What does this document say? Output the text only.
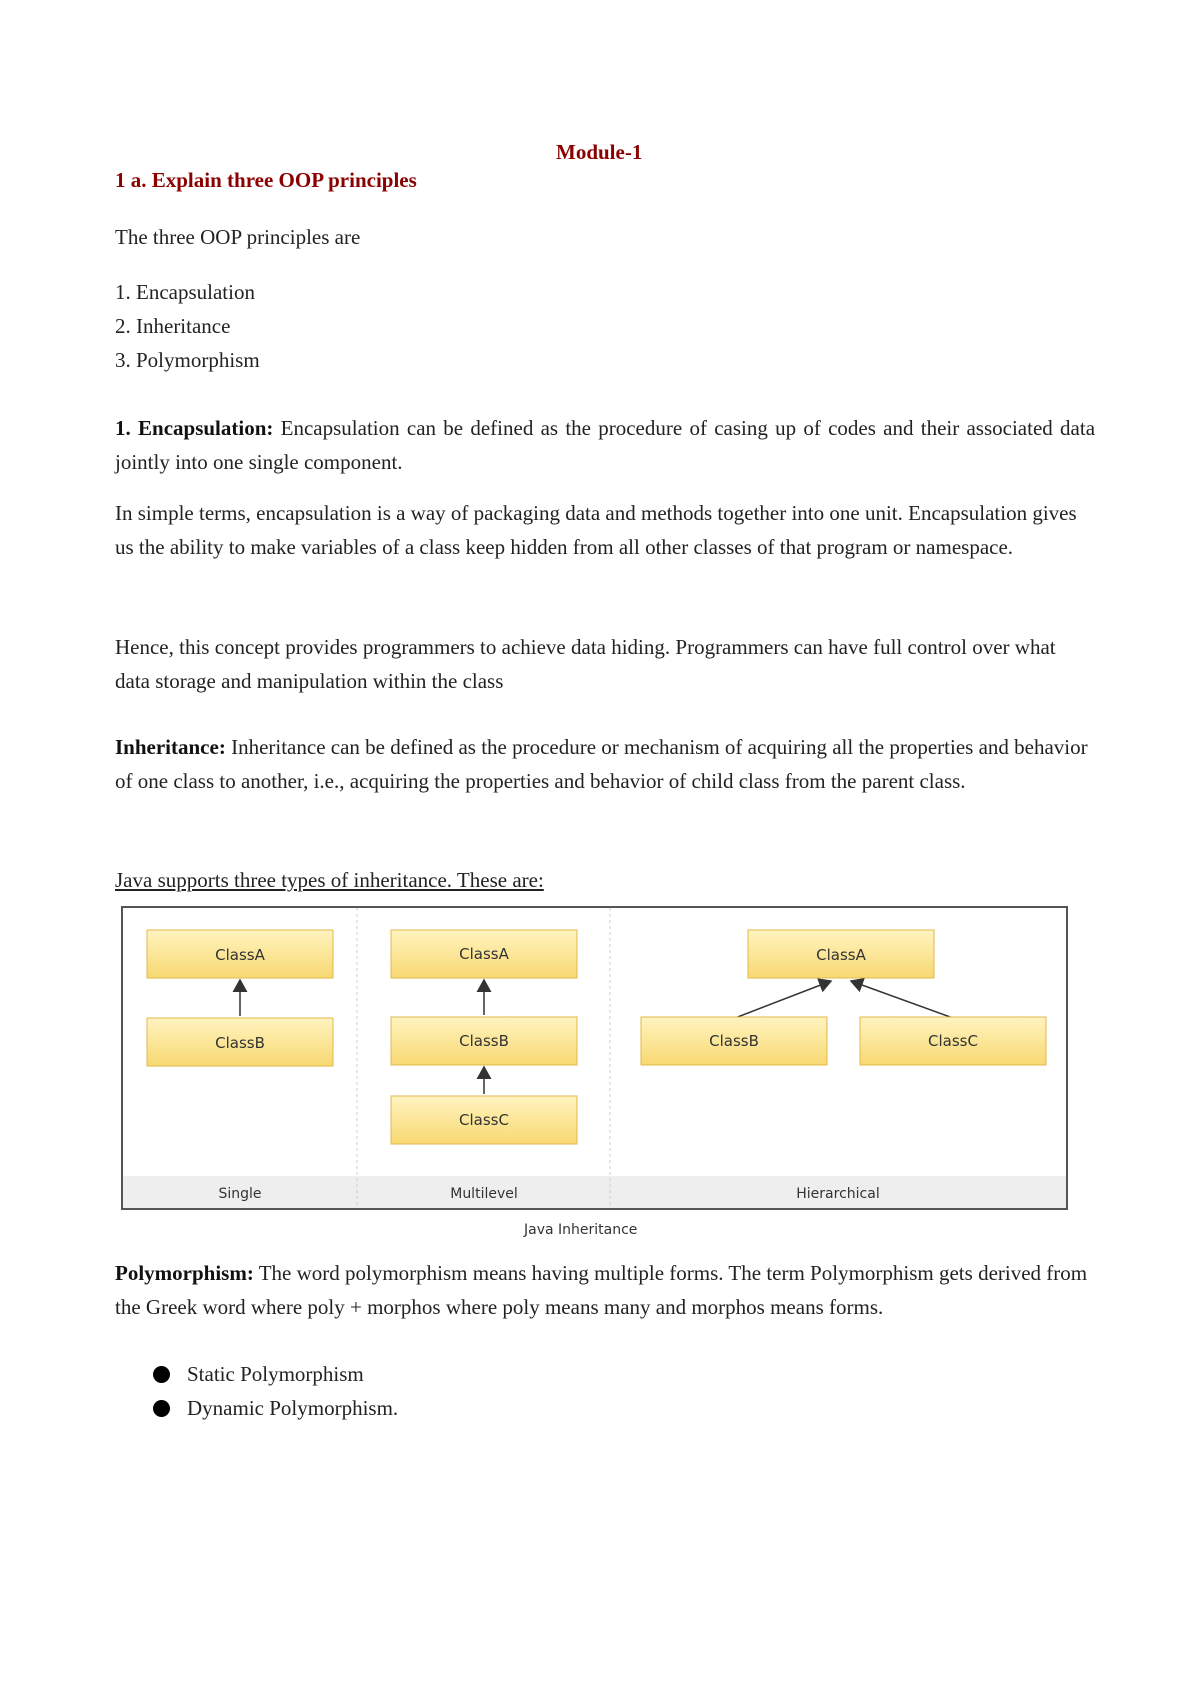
Module-1
1 a. Explain three OOP principles
The three OOP principles are
1. Encapsulation
2. Inheritance
3. Polymorphism
1. Encapsulation: Encapsulation can be defined as the procedure of casing up of codes and their associated data jointly into one single component.
In simple terms, encapsulation is a way of packaging data and methods together into one unit. Encapsulation gives us the ability to make variables of a class keep hidden from all other classes of that program or namespace.
Hence, this concept provides programmers to achieve data hiding. Programmers can have full control over what data storage and manipulation within the class
Inheritance: Inheritance can be defined as the procedure or mechanism of acquiring all the properties and behavior of one class to another, i.e., acquiring the properties and behavior of child class from the parent class.
Java supports three types of inheritance. These are:
ClassA
ClassB
Single
ClassA
ClassB
ClassC
Multilevel
ClassA
ClassB	ClassC
Hierarchical
Java Inheritance
Polymorphism: The word polymorphism means having multiple forms. The term Polymorphism gets derived from the Greek word where poly + morphos where poly means many and morphos means forms.
Static Polymorphism
Dynamic Polymorphism.
